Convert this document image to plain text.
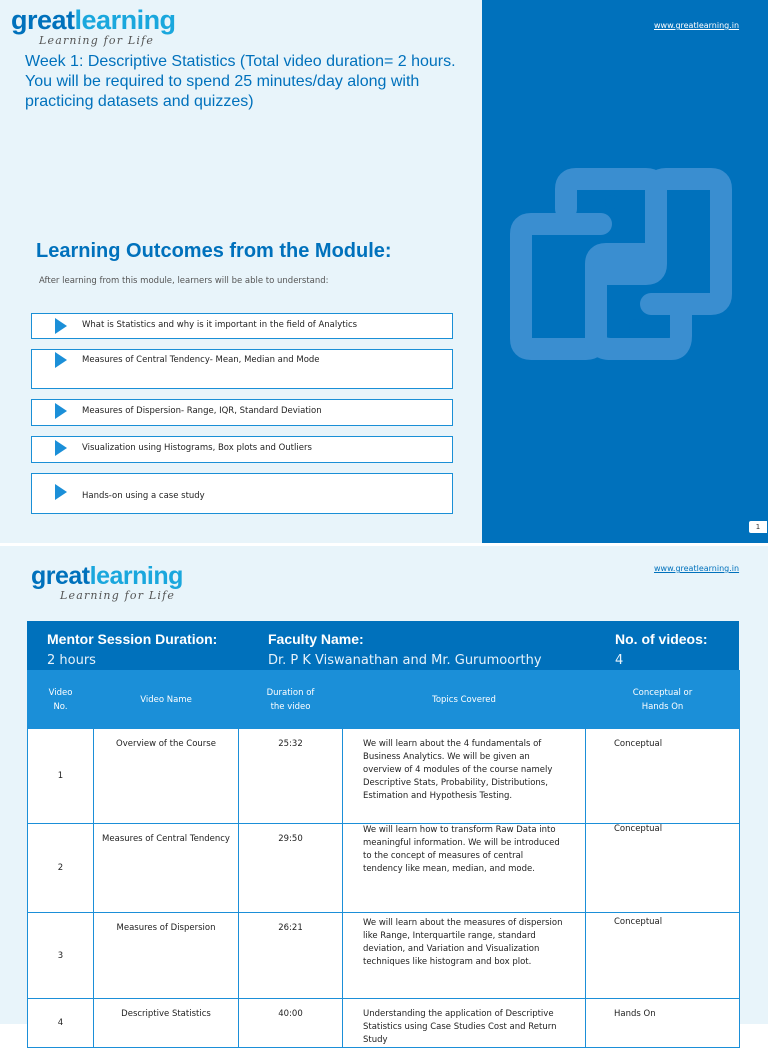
greatlearning
Learning for Life
www.greatlearning.in
Week 1: Descriptive Statistics (Total video duration= 2 hours. You will be required to spend 25 minutes/day along with practicing datasets and quizzes)
Learning Outcomes from the Module:
After learning from this module, learners will be able to understand:
What is Statistics and why is it important in the field of Analytics
Measures of Central Tendency- Mean, Median and Mode
Measures of Dispersion- Range, IQR, Standard Deviation
Visualization using Histograms, Box plots and Outliers
Hands-on using a case study
1
greatlearning
Learning for Life
www.greatlearning.in
Mentor Session Duration:
2 hours
Faculty Name:
Dr. P K Viswanathan and Mr. Gurumoorthy
No. of videos:
4
Video No.	Video Name	Duration of the video	Topics Covered	Conceptual or Hands On
1	Overview of the Course	25:32	We will learn about the 4 fundamentals of Business Analytics. We will be given an overview of 4 modules of the course namely Descriptive Stats, Probability, Distributions, Estimation and Hypothesis Testing.	Conceptual
2	Measures of Central Tendency	29:50	We will learn how to transform Raw Data into meaningful information. We will be introduced to the concept of measures of central tendency like mean, median, and mode.	Conceptual
3	Measures of Dispersion	26:21	We will learn about the measures of dispersion like Range, Interquartile range, standard deviation, and Variation and Visualization techniques like histogram and box plot.	Conceptual
4	Descriptive Statistics	40:00	Understanding the application of Descriptive Statistics using Case Studies Cost and Return Study	Hands On
